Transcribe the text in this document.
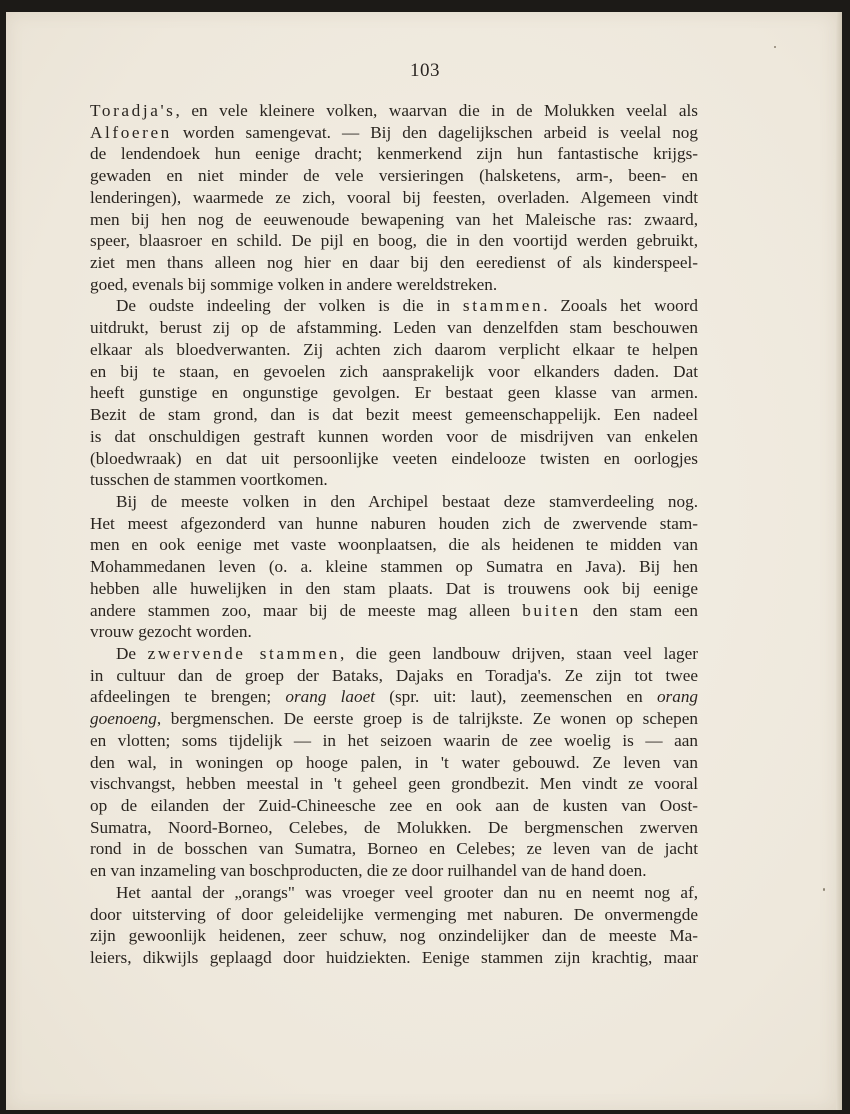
103
Toradja's, en vele kleinere volken, waarvan die in de Molukken veelal als
Alfoeren worden samengevat. — Bij den dagelijkschen arbeid is veelal nog
de lendendoek hun eenige dracht; kenmerkend zijn hun fantastische krijgs-
gewaden en niet minder de vele versieringen (halsketens, arm-, been- en
lenderingen), waarmede ze zich, vooral bij feesten, overladen. Algemeen vindt
men bij hen nog de eeuwenoude bewapening van het Maleische ras: zwaard,
speer, blaasroer en schild. De pijl en boog, die in den voortijd werden gebruikt,
ziet men thans alleen nog hier en daar bij den eeredienst of als kinderspeel-
goed, evenals bij sommige volken in andere wereldstreken.
De oudste indeeling der volken is die in stammen. Zooals het woord
uitdrukt, berust zij op de afstamming. Leden van denzelfden stam beschouwen
elkaar als bloedverwanten. Zij achten zich daarom verplicht elkaar te helpen
en bij te staan, en gevoelen zich aansprakelijk voor elkanders daden. Dat
heeft gunstige en ongunstige gevolgen. Er bestaat geen klasse van armen.
Bezit de stam grond, dan is dat bezit meest gemeenschappelijk. Een nadeel
is dat onschuldigen gestraft kunnen worden voor de misdrijven van enkelen
(bloedwraak) en dat uit persoonlijke veeten eindelooze twisten en oorlogjes
tusschen de stammen voortkomen.
Bij de meeste volken in den Archipel bestaat deze stamverdeeling nog.
Het meest afgezonderd van hunne naburen houden zich de zwervende stam-
men en ook eenige met vaste woonplaatsen, die als heidenen te midden van
Mohammedanen leven (o. a. kleine stammen op Sumatra en Java). Bij hen
hebben alle huwelijken in den stam plaats. Dat is trouwens ook bij eenige
andere stammen zoo, maar bij de meeste mag alleen buiten den stam een
vrouw gezocht worden.
De zwervende stammen, die geen landbouw drijven, staan veel lager
in cultuur dan de groep der Bataks, Dajaks en Toradja's. Ze zijn tot twee
afdeelingen te brengen; orang laoet (spr. uit: laut), zeemenschen en orang
goenoeng, bergmenschen. De eerste groep is de talrijkste. Ze wonen op schepen
en vlotten; soms tijdelijk — in het seizoen waarin de zee woelig is — aan
den wal, in woningen op hooge palen, in 't water gebouwd. Ze leven van
vischvangst, hebben meestal in 't geheel geen grondbezit. Men vindt ze vooral
op de eilanden der Zuid-Chineesche zee en ook aan de kusten van Oost-
Sumatra, Noord-Borneo, Celebes, de Molukken. De bergmenschen zwerven
rond in de bosschen van Sumatra, Borneo en Celebes; ze leven van de jacht
en van inzameling van boschproducten, die ze door ruilhandel van de hand doen.
Het aantal der „orangs" was vroeger veel grooter dan nu en neemt nog af,
door uitsterving of door geleidelijke vermenging met naburen. De onvermengde
zijn gewoonlijk heidenen, zeer schuw, nog onzindelijker dan de meeste Ma-
leiers, dikwijls geplaagd door huidziekten. Eenige stammen zijn krachtig, maar
